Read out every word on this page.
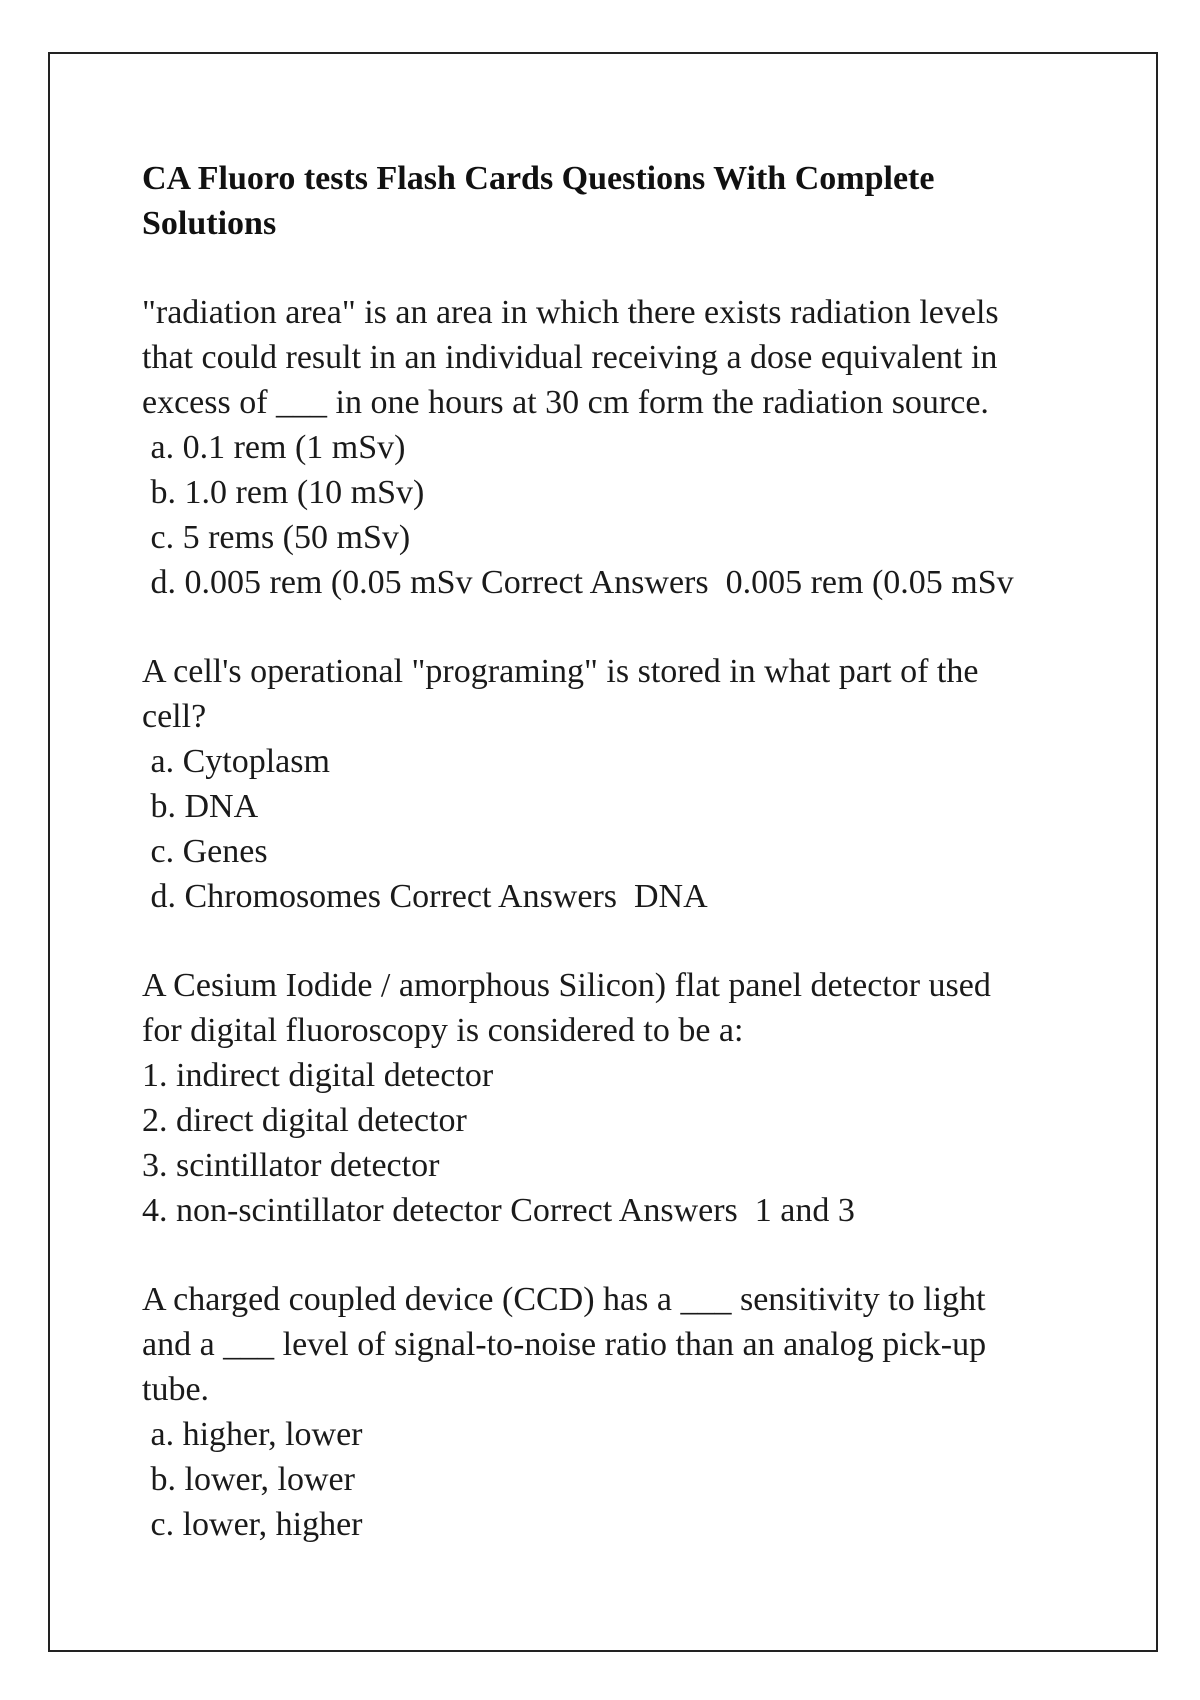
CA Fluoro tests Flash Cards Questions With Complete
Solutions
"radiation area" is an area in which there exists radiation levels
that could result in an individual receiving a dose equivalent in
excess of ___ in one hours at 30 cm form the radiation source.
a. 0.1 rem (1 mSv)
b. 1.0 rem (10 mSv)
c. 5 rems (50 mSv)
d. 0.005 rem (0.05 mSv Correct Answers  0.005 rem (0.05 mSv
A cell's operational "programing" is stored in what part of the
cell?
a. Cytoplasm
b. DNA
c. Genes
d. Chromosomes Correct Answers  DNA
A Cesium Iodide / amorphous Silicon) flat panel detector used
for digital fluoroscopy is considered to be a:
1. indirect digital detector
2. direct digital detector
3. scintillator detector
4. non-scintillator detector Correct Answers  1 and 3
A charged coupled device (CCD) has a ___ sensitivity to light
and a ___ level of signal-to-noise ratio than an analog pick-up
tube.
a. higher, lower
b. lower, lower
c. lower, higher
